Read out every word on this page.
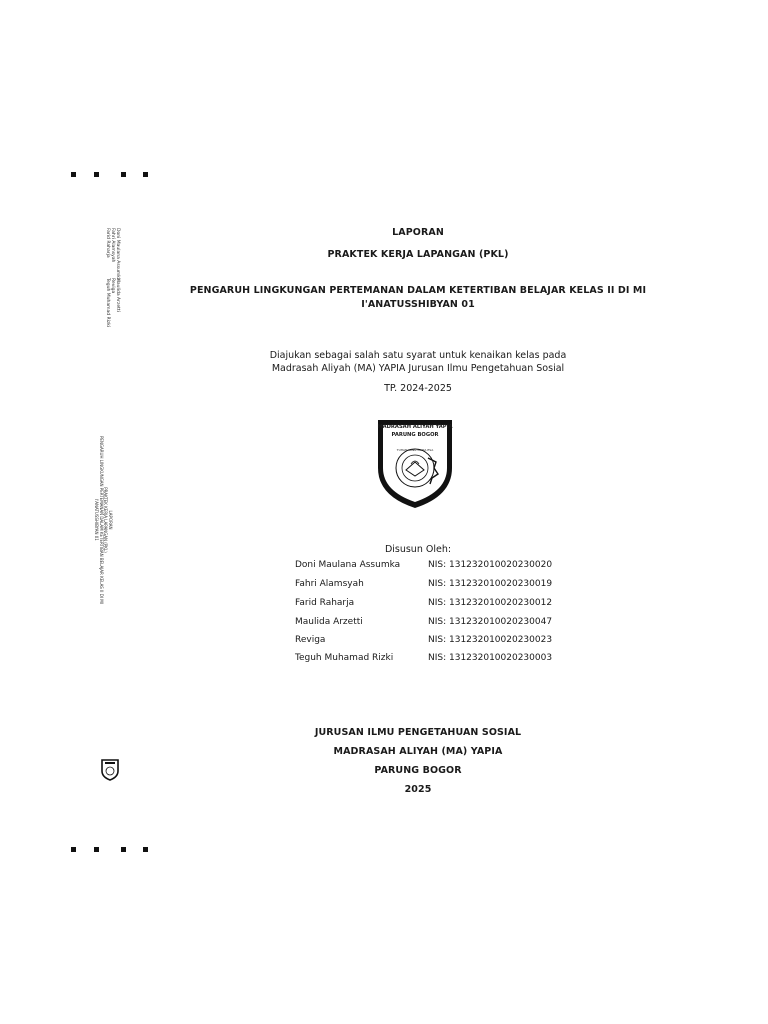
Doni Maulana Assumka
Fahri Alamsyah
Farid Raharja
Maulida Arzetti
Reviga
Teguh Muhamad Rizki
LAPORAN
PRAKTEK KERJA LAPANGAN (PKL)
PENGARUH LINGKUNGAN PERTEMANAN DALAM KETERTIBAN BELAJAR KELAS II DI MI
I'ANATUSSHIBYAN 01
LAPORAN
PRAKTEK KERJA LAPANGAN (PKL)
PENGARUH LINGKUNGAN PERTEMANAN DALAM KETERTIBAN BELAJAR KELAS II DI MI
I'ANATUSSHIBYAN 01
Diajukan sebagai salah satu syarat untuk kenaikan kelas pada
Madrasah Aliyah (MA) YAPIA Jurusan Ilmu Pengetahuan Sosial
TP. 2024-2025
MADRASAH ALIYAH YAPIA
PARUNG BOGOR
TUHAN YANG MAHA ESA
Disusun Oleh:
Doni Maulana Assumka	NIS: 131232010020230020
Fahri Alamsyah	NIS: 131232010020230019
Farid Raharja	NIS: 131232010020230012
Maulida Arzetti	NIS: 131232010020230047
Reviga	NIS: 131232010020230023
Teguh Muhamad Rizki	NIS: 131232010020230003
JURUSAN ILMU PENGETAHUAN SOSIAL
MADRASAH ALIYAH (MA) YAPIA
PARUNG BOGOR
2025
